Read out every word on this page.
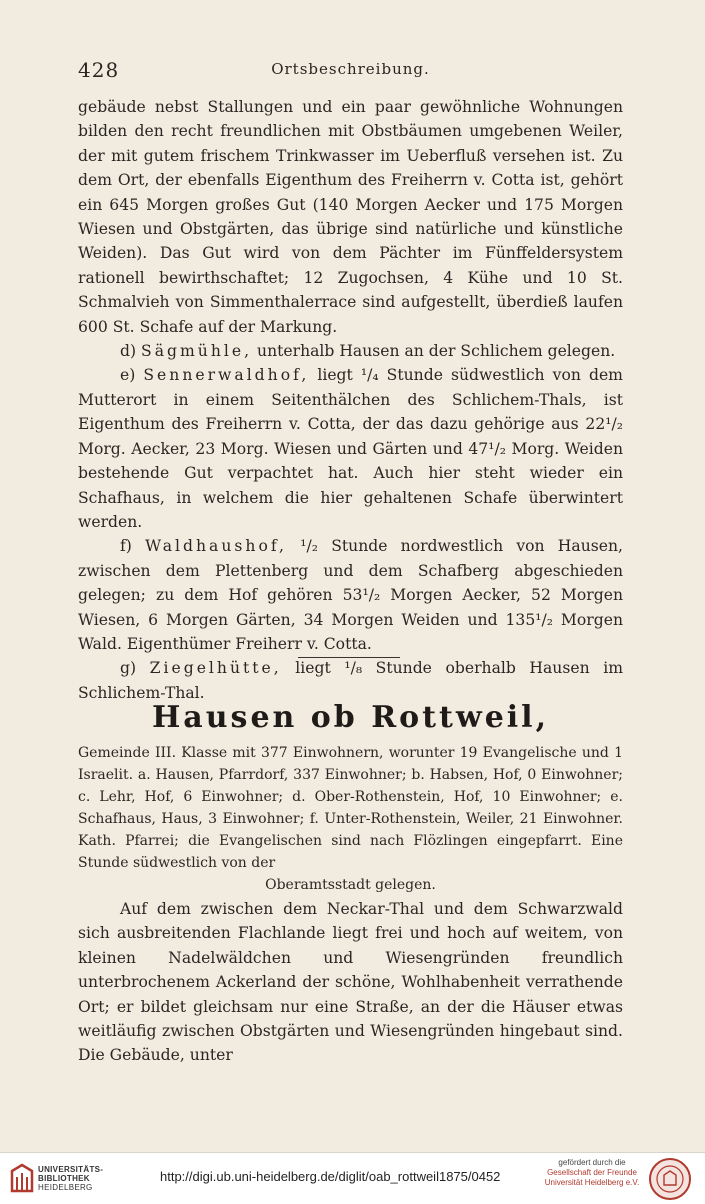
428	Ortsbeschreibung.

gebäude nebst Stallungen und ein paar gewöhnliche Wohnungen bilden den recht freundlichen mit Obstbäumen umgebenen Weiler, der mit gutem frischem Trinkwasser im Ueberfluß versehen ist. Zu dem Ort, der ebenfalls Eigenthum des Freiherrn v. Cotta ist, gehört ein 645 Morgen großes Gut (140 Morgen Aecker und 175 Morgen Wiesen und Obstgärten, das übrige sind natürliche und künstliche Weiden). Das Gut wird von dem Pächter im Fünffeldersystem rationell bewirthschaftet; 12 Zugochsen, 4 Kühe und 10 St. Schmalvieh von Simmenthalerrace sind aufgestellt, überdieß laufen 600 St. Schafe auf der Markung.

d) Sägmühle, unterhalb Hausen an der Schlichem gelegen.

e) Sennerwaldhof, liegt ¹/₄ Stunde südwestlich von dem Mutterort in einem Seitenthälchen des Schlichem-Thals, ist Eigenthum des Freiherrn v. Cotta, der das dazu gehörige aus 22¹/₂ Morg. Aecker, 23 Morg. Wiesen und Gärten und 47¹/₂ Morg. Weiden bestehende Gut verpachtet hat. Auch hier steht wieder ein Schafhaus, in welchem die hier gehaltenen Schafe überwintert werden.

f) Waldhaushof, ¹/₂ Stunde nordwestlich von Hausen, zwischen dem Plettenberg und dem Schafberg abgeschieden gelegen; zu dem Hof gehören 53¹/₂ Morgen Aecker, 52 Morgen Wiesen, 6 Morgen Gärten, 34 Morgen Weiden und 135¹/₂ Morgen Wald. Eigenthümer Freiherr v. Cotta.

g) Ziegelhütte, liegt ¹/₈ Stunde oberhalb Hausen im Schlichem-Thal.

Hausen ob Rottweil,

Gemeinde III. Klasse mit 377 Einwohnern, worunter 19 Evangelische und 1 Israelit. a. Hausen, Pfarrdorf, 337 Einwohner; b. Habsen, Hof, 0 Einwohner; c. Lehr, Hof, 6 Einwohner; d. Ober-Rothenstein, Hof, 10 Einwohner; e. Schafhaus, Haus, 3 Einwohner; f. Unter-Rothenstein, Weiler, 21 Einwohner. Kath. Pfarrei; die Evangelischen sind nach Flözlingen eingepfarrt. Eine Stunde südwestlich von der

Oberamtsstadt gelegen.

Auf dem zwischen dem Neckar-Thal und dem Schwarzwald sich ausbreitenden Flachlande liegt frei und hoch auf weitem, von kleinen Nadelwäldchen und Wiesengründen freundlich unterbrochenem Ackerland der schöne, Wohlhabenheit verrathende Ort; er bildet gleichsam nur eine Straße, an der die Häuser etwas weitläufig zwischen Obstgärten und Wiesengründen hingebaut sind. Die Gebäude, unter

UNIVERSITÄTS-
BIBLIOTHEK
HEIDELBERG
http://digi.ub.uni-heidelberg.de/diglit/oab_rottweil1875/0452
gefördert durch die
Gesellschaft der Freunde
Universität Heidelberg e.V.
